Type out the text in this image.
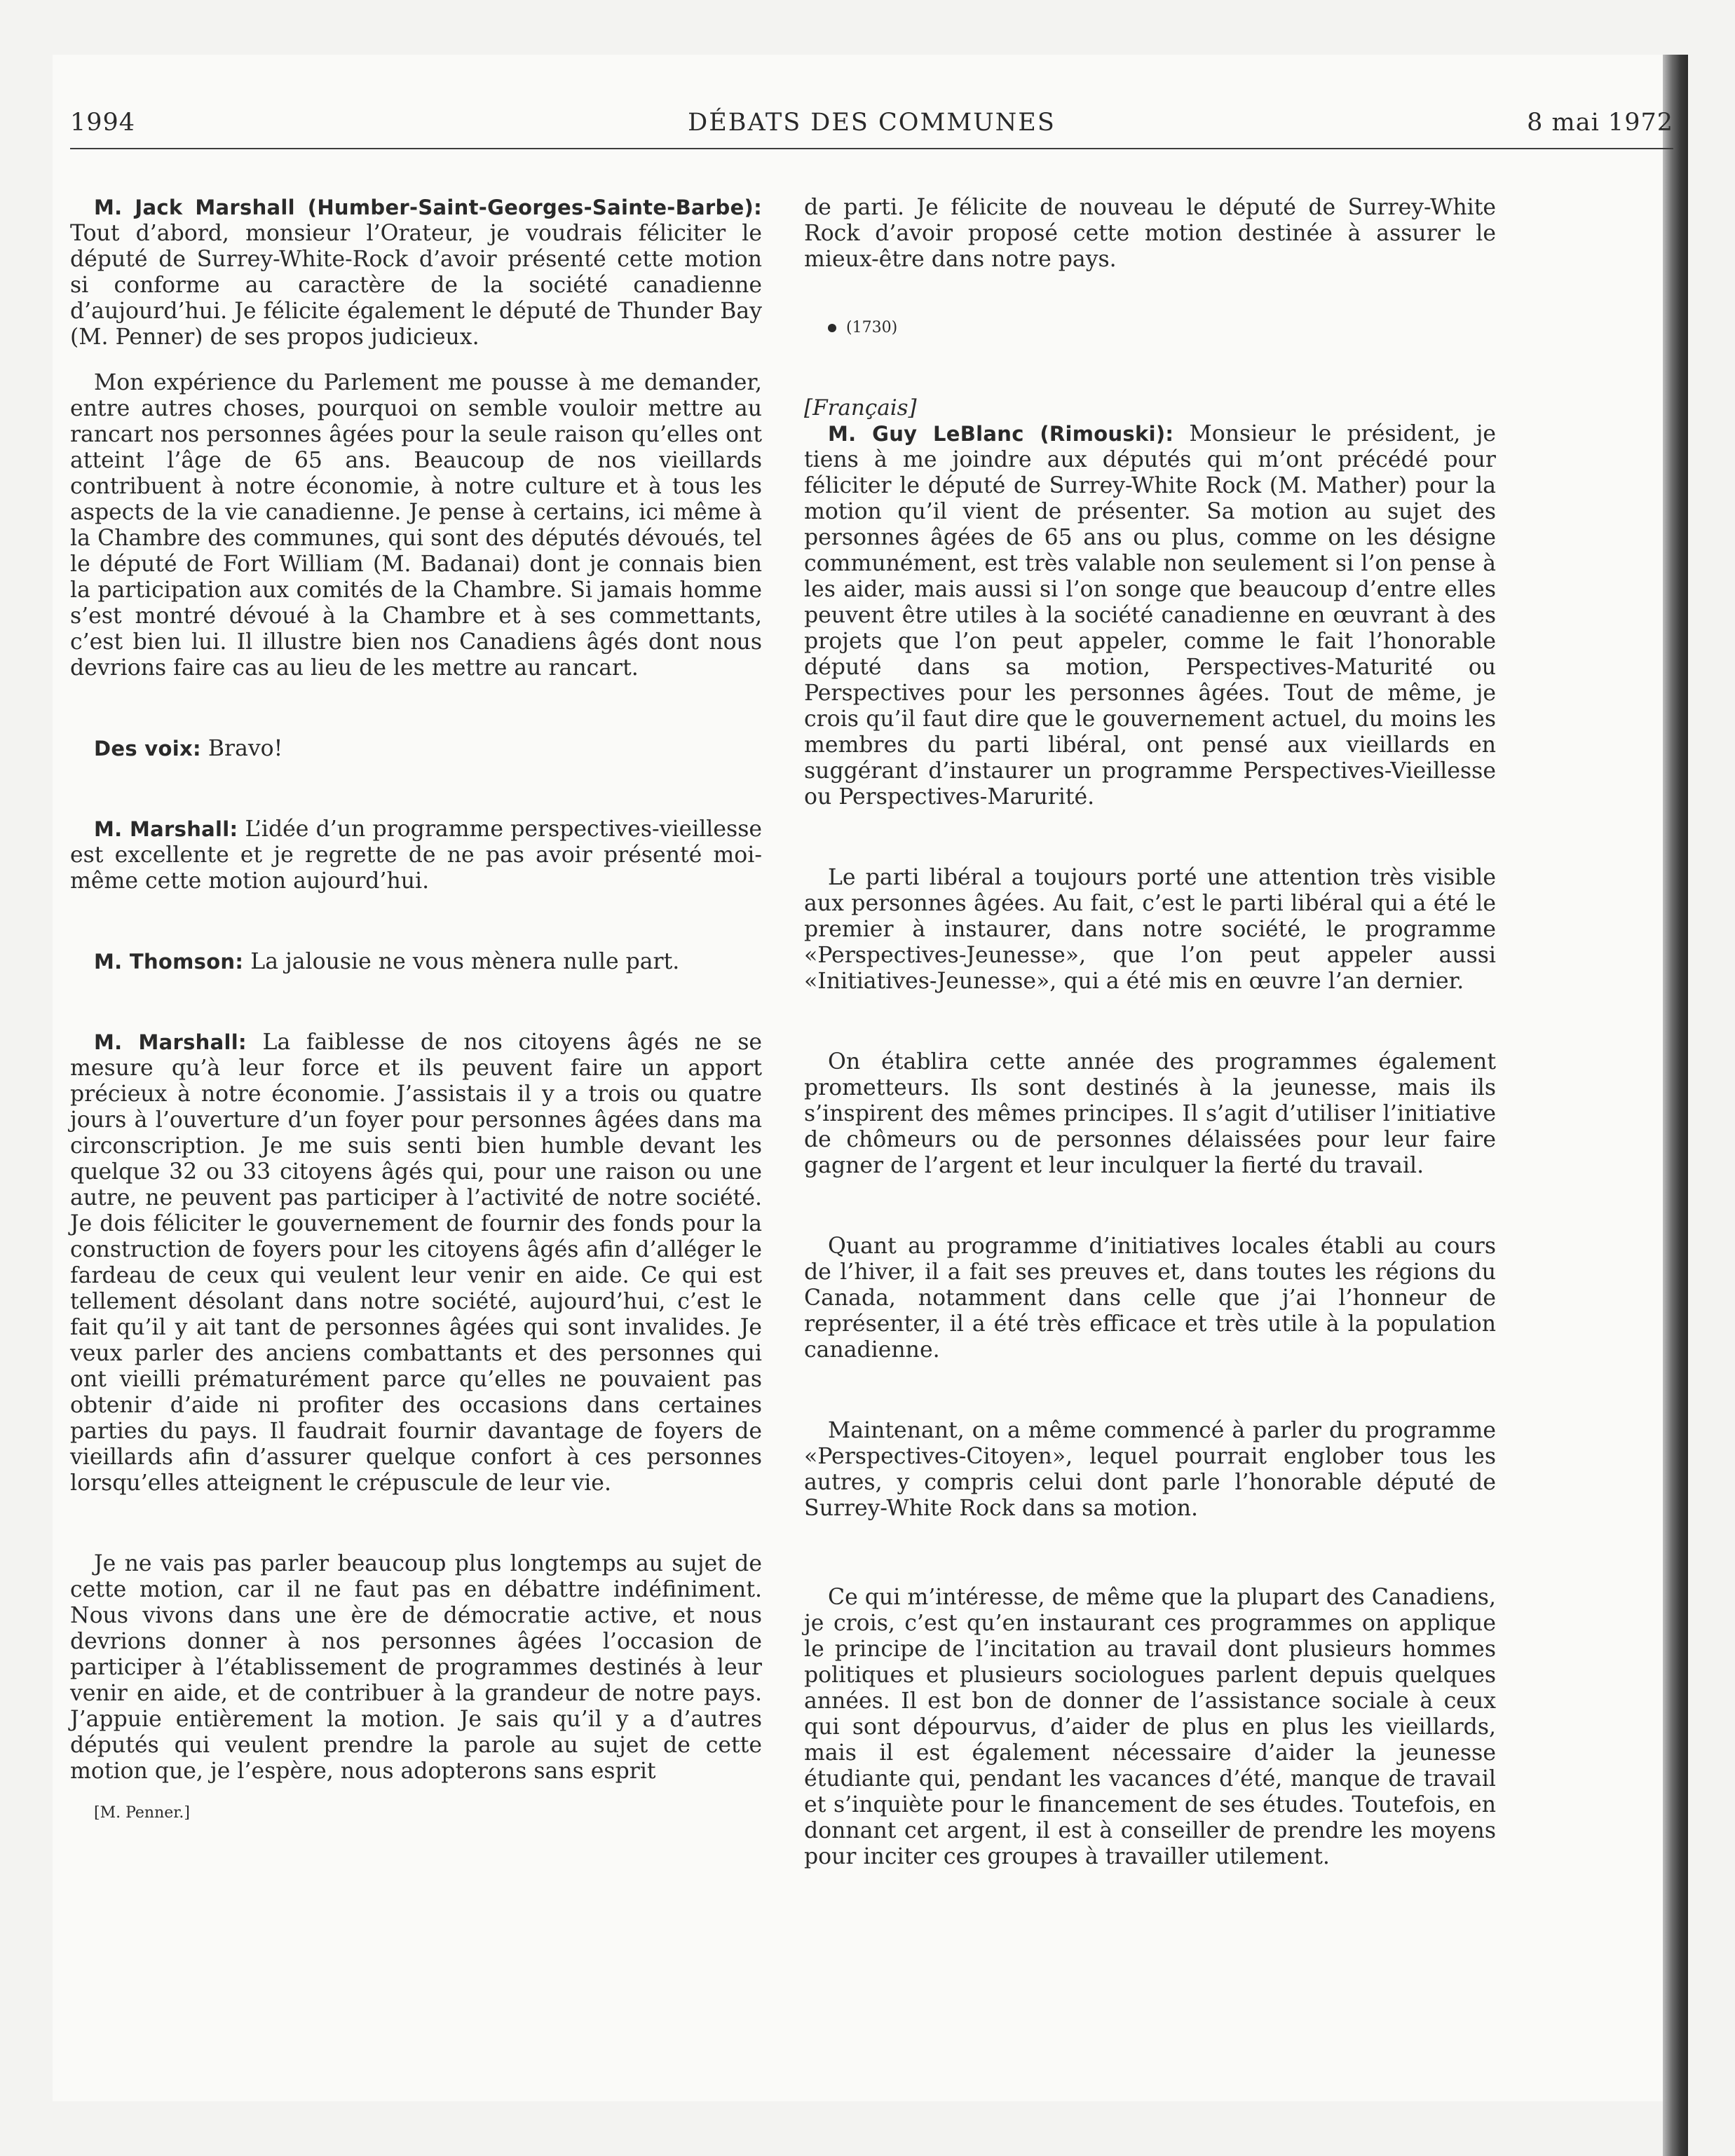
1994	DÉBATS DES COMMUNES	8 mai 1972

M. Jack Marshall (Humber-Saint-Georges-Sainte-Barbe): Tout d’abord, monsieur l’Orateur, je voudrais féliciter le député de Surrey-White-Rock d’avoir présenté cette motion si conforme au caractère de la société canadienne d’aujourd’hui. Je félicite également le député de Thunder Bay (M. Penner) de ses propos judicieux.

Mon expérience du Parlement me pousse à me demander, entre autres choses, pourquoi on semble vouloir mettre au rancart nos personnes âgées pour la seule raison qu’elles ont atteint l’âge de 65 ans. Beaucoup de nos vieillards contribuent à notre économie, à notre culture et à tous les aspects de la vie canadienne. Je pense à certains, ici même à la Chambre des communes, qui sont des députés dévoués, tel le député de Fort William (M. Badanai) dont je connais bien la participation aux comités de la Chambre. Si jamais homme s’est montré dévoué à la Chambre et à ses commettants, c’est bien lui. Il illustre bien nos Canadiens âgés dont nous devrions faire cas au lieu de les mettre au rancart.

Des voix: Bravo!

M. Marshall: L’idée d’un programme perspectives-vieillesse est excellente et je regrette de ne pas avoir présenté moi-même cette motion aujourd’hui.

M. Thomson: La jalousie ne vous mènera nulle part.

M. Marshall: La faiblesse de nos citoyens âgés ne se mesure qu’à leur force et ils peuvent faire un apport précieux à notre économie. J’assistais il y a trois ou quatre jours à l’ouverture d’un foyer pour personnes âgées dans ma circonscription. Je me suis senti bien humble devant les quelque 32 ou 33 citoyens âgés qui, pour une raison ou une autre, ne peuvent pas participer à l’activité de notre société. Je dois féliciter le gouvernement de fournir des fonds pour la construction de foyers pour les citoyens âgés afin d’alléger le fardeau de ceux qui veulent leur venir en aide. Ce qui est tellement désolant dans notre société, aujourd’hui, c’est le fait qu’il y ait tant de personnes âgées qui sont invalides. Je veux parler des anciens combattants et des personnes qui ont vieilli prématurément parce qu’elles ne pouvaient pas obtenir d’aide ni profiter des occasions dans certaines parties du pays. Il faudrait fournir davantage de foyers de vieillards afin d’assurer quelque confort à ces personnes lorsqu’elles atteignent le crépuscule de leur vie.

Je ne vais pas parler beaucoup plus longtemps au sujet de cette motion, car il ne faut pas en débattre indéfiniment. Nous vivons dans une ère de démocratie active, et nous devrions donner à nos personnes âgées l’occasion de participer à l’établissement de programmes destinés à leur venir en aide, et de contribuer à la grandeur de notre pays. J’appuie entièrement la motion. Je sais qu’il y a d’autres députés qui veulent prendre la parole au sujet de cette motion que, je l’espère, nous adopterons sans esprit

[M. Penner.]

de parti. Je félicite de nouveau le député de Surrey-White Rock d’avoir proposé cette motion destinée à assurer le mieux-être dans notre pays.

(1730)
[Français]

M. Guy LeBlanc (Rimouski): Monsieur le président, je tiens à me joindre aux députés qui m’ont précédé pour féliciter le député de Surrey-White Rock (M. Mather) pour la motion qu’il vient de présenter. Sa motion au sujet des personnes âgées de 65 ans ou plus, comme on les désigne communément, est très valable non seulement si l’on pense à les aider, mais aussi si l’on songe que beaucoup d’entre elles peuvent être utiles à la société canadienne en œuvrant à des projets que l’on peut appeler, comme le fait l’honorable député dans sa motion, Perspectives-Maturité ou Perspectives pour les personnes âgées. Tout de même, je crois qu’il faut dire que le gouvernement actuel, du moins les membres du parti libéral, ont pensé aux vieillards en suggérant d’instaurer un programme Perspectives-Vieillesse ou Perspectives-Marurité.

Le parti libéral a toujours porté une attention très visible aux personnes âgées. Au fait, c’est le parti libéral qui a été le premier à instaurer, dans notre société, le programme «Perspectives-Jeunesse», que l’on peut appeler aussi «Initiatives-Jeunesse», qui a été mis en œuvre l’an dernier.

On établira cette année des programmes également prometteurs. Ils sont destinés à la jeunesse, mais ils s’inspirent des mêmes principes. Il s’agit d’utiliser l’initiative de chômeurs ou de personnes délaissées pour leur faire gagner de l’argent et leur inculquer la fierté du travail.

Quant au programme d’initiatives locales établi au cours de l’hiver, il a fait ses preuves et, dans toutes les régions du Canada, notamment dans celle que j’ai l’honneur de représenter, il a été très efficace et très utile à la population canadienne.

Maintenant, on a même commencé à parler du programme «Perspectives-Citoyen», lequel pourrait englober tous les autres, y compris celui dont parle l’honorable député de Surrey-White Rock dans sa motion.

Ce qui m’intéresse, de même que la plupart des Canadiens, je crois, c’est qu’en instaurant ces programmes on applique le principe de l’incitation au travail dont plusieurs hommes politiques et plusieurs sociologues parlent depuis quelques années. Il est bon de donner de l’assistance sociale à ceux qui sont dépourvus, d’aider de plus en plus les vieillards, mais il est également nécessaire d’aider la jeunesse étudiante qui, pendant les vacances d’été, manque de travail et s’inquiète pour le financement de ses études. Toutefois, en donnant cet argent, il est à conseiller de prendre les moyens pour inciter ces groupes à travailler utilement.
